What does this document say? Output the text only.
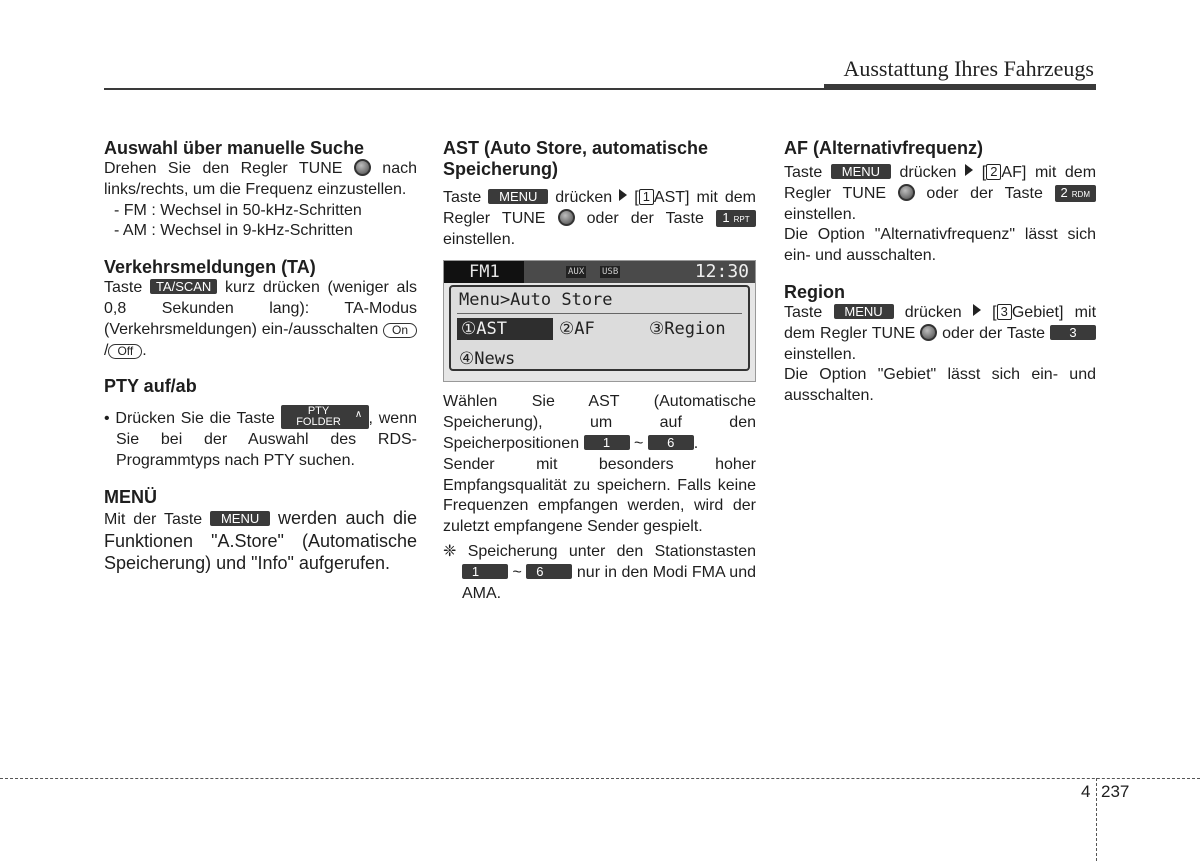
Ausstattung Ihres Fahrzeugs
Auswahl über manuelle Suche

Drehen Sie den Regler TUNE nach links/rechts, um die Frequenz einzustellen.

- FM : Wechsel in 50-kHz-Schritten

- AM : Wechsel in 9-kHz-Schritten

Verkehrsmeldungen (TA)

Taste TA/SCAN kurz drücken (weniger als 0,8 Sekunden lang): TA-Modus (Verkehrsmeldungen) ein-/ausschalten On/ Off .

PTY auf/ab

• Drücken Sie die Taste ∨	PTY
FOLDER
∧ , wenn Sie bei der Auswahl des RDS-Programmtyps nach PTY suchen.

MENÜ

Mit der Taste MENU werden auch die Funktionen "A.Store" (Automatische Speicherung) und "Info" aufgerufen.

AST (Auto Store, automatische Speicherung)

Taste MENU drücken [ 1 AST] mit dem Regler TUNE	oder der Taste 1 RPT einstellen.

FM1	AUX USB	12:30
Menu>Auto Store
①AST	②AF	③Region
④News

Wählen Sie AST (Automatische Speicherung), um auf den Speicherpositionen 1 ~ 6 .

Sender mit besonders hoher Empfangsqualität zu speichern. Falls keine Frequenzen empfangen werden, wird der zuletzt empfangene Sender gespielt.

❈ Speicherung unter den Stationstasten 1 ~ 6 nur in den Modi FMA und AMA.

AF (Alternativfrequenz)

Taste MENU drücken [ 2 AF] mit dem Regler TUNE	oder der Taste 2 RDM einstellen.

Die Option "Alternativfrequenz" lässt sich ein- und ausschalten.

Region

Taste MENU drücken [ 3 Gebiet] mit dem Regler TUNE oder der Taste 3 einstellen.

Die Option "Gebiet" lässt sich ein- und ausschalten.

4 237
